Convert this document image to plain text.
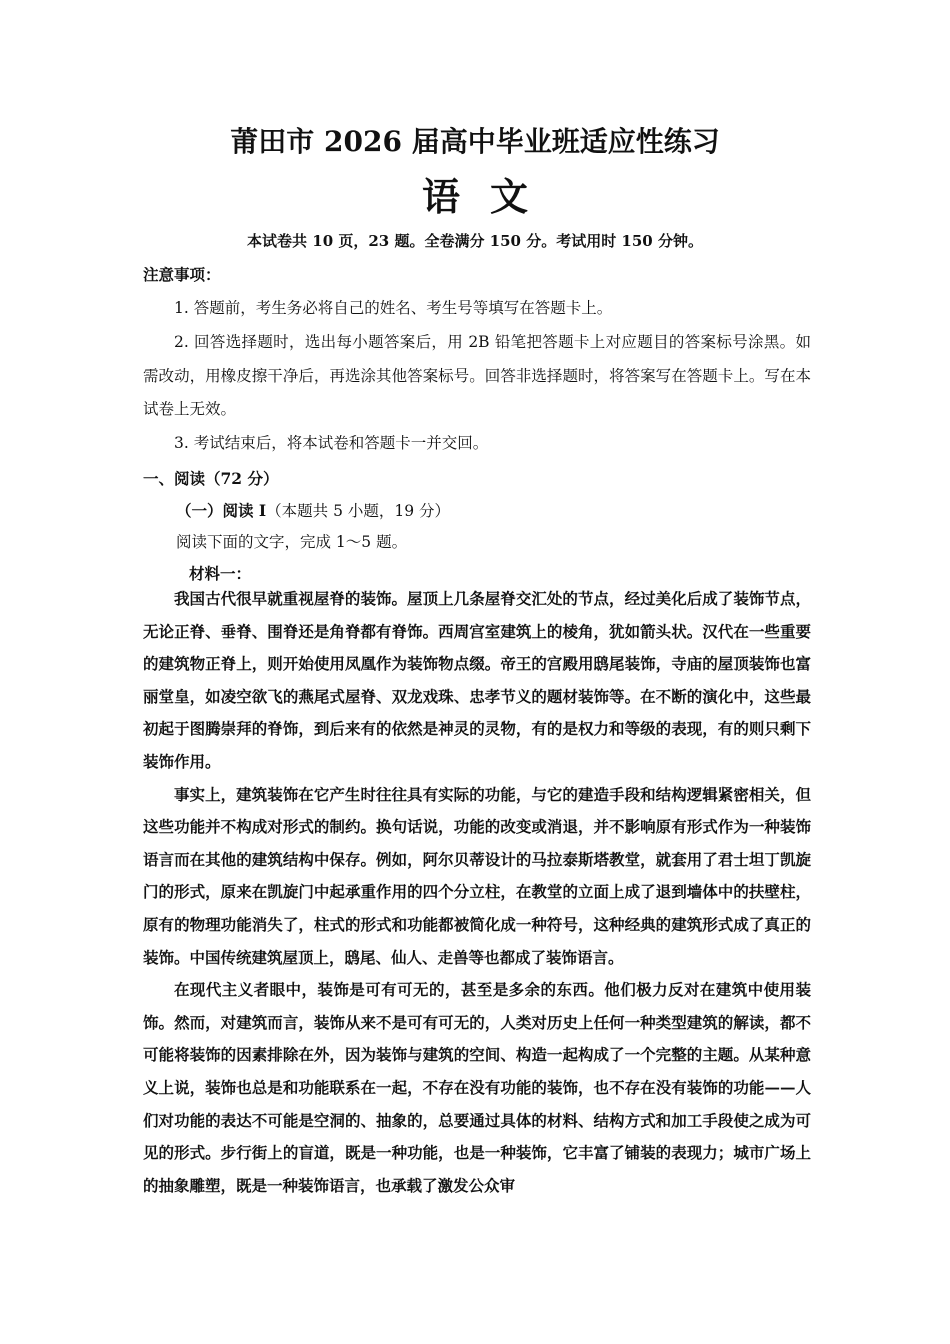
莆田市 2026 届高中毕业班适应性练习
语文
本试卷共 10 页，23 题。全卷满分 150 分。考试用时 150 分钟。
注意事项：

1. 答题前，考生务必将自己的姓名、考生号等填写在答题卡上。

2. 回答选择题时，选出每小题答案后，用 2B 铅笔把答题卡上对应题目的答案标号涂黑。如需改动，用橡皮擦干净后，再选涂其他答案标号。回答非选择题时，将答案写在答题卡上。写在本试卷上无效。

3. 考试结束后，将本试卷和答题卡一并交回。

一、阅读（72 分）
（一）阅读 I（本题共 5 小题，19 分）
阅读下面的文字，完成 1～5 题。
材料一：

我国古代很早就重视屋脊的装饰。屋顶上几条屋脊交汇处的节点，经过美化后成了装饰节点，无论正脊、垂脊、围脊还是角脊都有脊饰。西周宫室建筑上的棱角，犹如箭头状。汉代在一些重要的建筑物正脊上，则开始使用凤凰作为装饰物点缀。帝王的宫殿用鸱尾装饰，寺庙的屋顶装饰也富丽堂皇，如凌空欲飞的燕尾式屋脊、双龙戏珠、忠孝节义的题材装饰等。在不断的演化中，这些最初起于图腾崇拜的脊饰，到后来有的依然是神灵的灵物，有的是权力和等级的表现，有的则只剩下装饰作用。

事实上，建筑装饰在它产生时往往具有实际的功能，与它的建造手段和结构逻辑紧密相关，但这些功能并不构成对形式的制约。换句话说，功能的改变或消退，并不影响原有形式作为一种装饰语言而在其他的建筑结构中保存。例如，阿尔贝蒂设计的马拉泰斯塔教堂，就套用了君士坦丁凯旋门的形式，原来在凯旋门中起承重作用的四个分立柱，在教堂的立面上成了退到墙体中的扶壁柱，原有的物理功能消失了，柱式的形式和功能都被简化成一种符号，这种经典的建筑形式成了真正的装饰。中国传统建筑屋顶上，鸱尾、仙人、走兽等也都成了装饰语言。

在现代主义者眼中，装饰是可有可无的，甚至是多余的东西。他们极力反对在建筑中使用装饰。然而，对建筑而言，装饰从来不是可有可无的，人类对历史上任何一种类型建筑的解读，都不可能将装饰的因素排除在外，因为装饰与建筑的空间、构造一起构成了一个完整的主题。从某种意义上说，装饰也总是和功能联系在一起，不存在没有功能的装饰，也不存在没有装饰的功能——人们对功能的表达不可能是空洞的、抽象的，总要通过具体的材料、结构方式和加工手段使之成为可见的形式。步行街上的盲道，既是一种功能，也是一种装饰，它丰富了铺装的表现力；城市广场上的抽象雕塑，既是一种装饰语言，也承载了激发公众审
